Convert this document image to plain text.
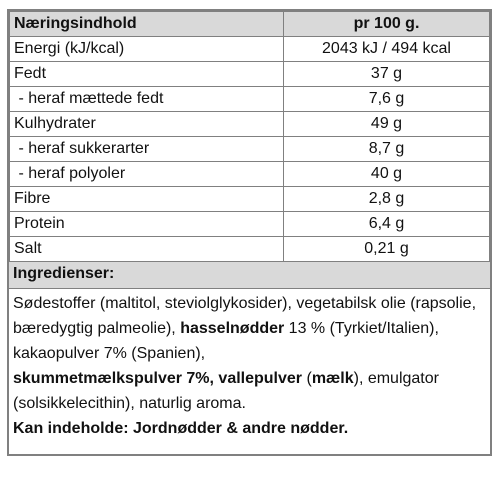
Næringsindhold	pr 100 g.
Energi (kJ/kcal)	2043 kJ / 494 kcal
Fedt	37 g
- heraf mættede fedt	7,6 g
Kulhydrater	49 g
- heraf sukkerarter	8,7 g
- heraf polyoler	40 g
Fibre	2,8 g
Protein	6,4 g
Salt	0,21 g
Ingredienser:
Sødestoffer (maltitol, steviolglykosider), vegetabilsk olie (rapsolie, bæredygtig palmeolie), hasselnødder 13 % (Tyrkiet/Italien), kakaopulver 7% (Spanien),
skummetmælkspulver 7%, vallepulver (mælk), emulgator (solsikkelecithin), naturlig aroma.
Kan indeholde: Jordnødder & andre nødder.
